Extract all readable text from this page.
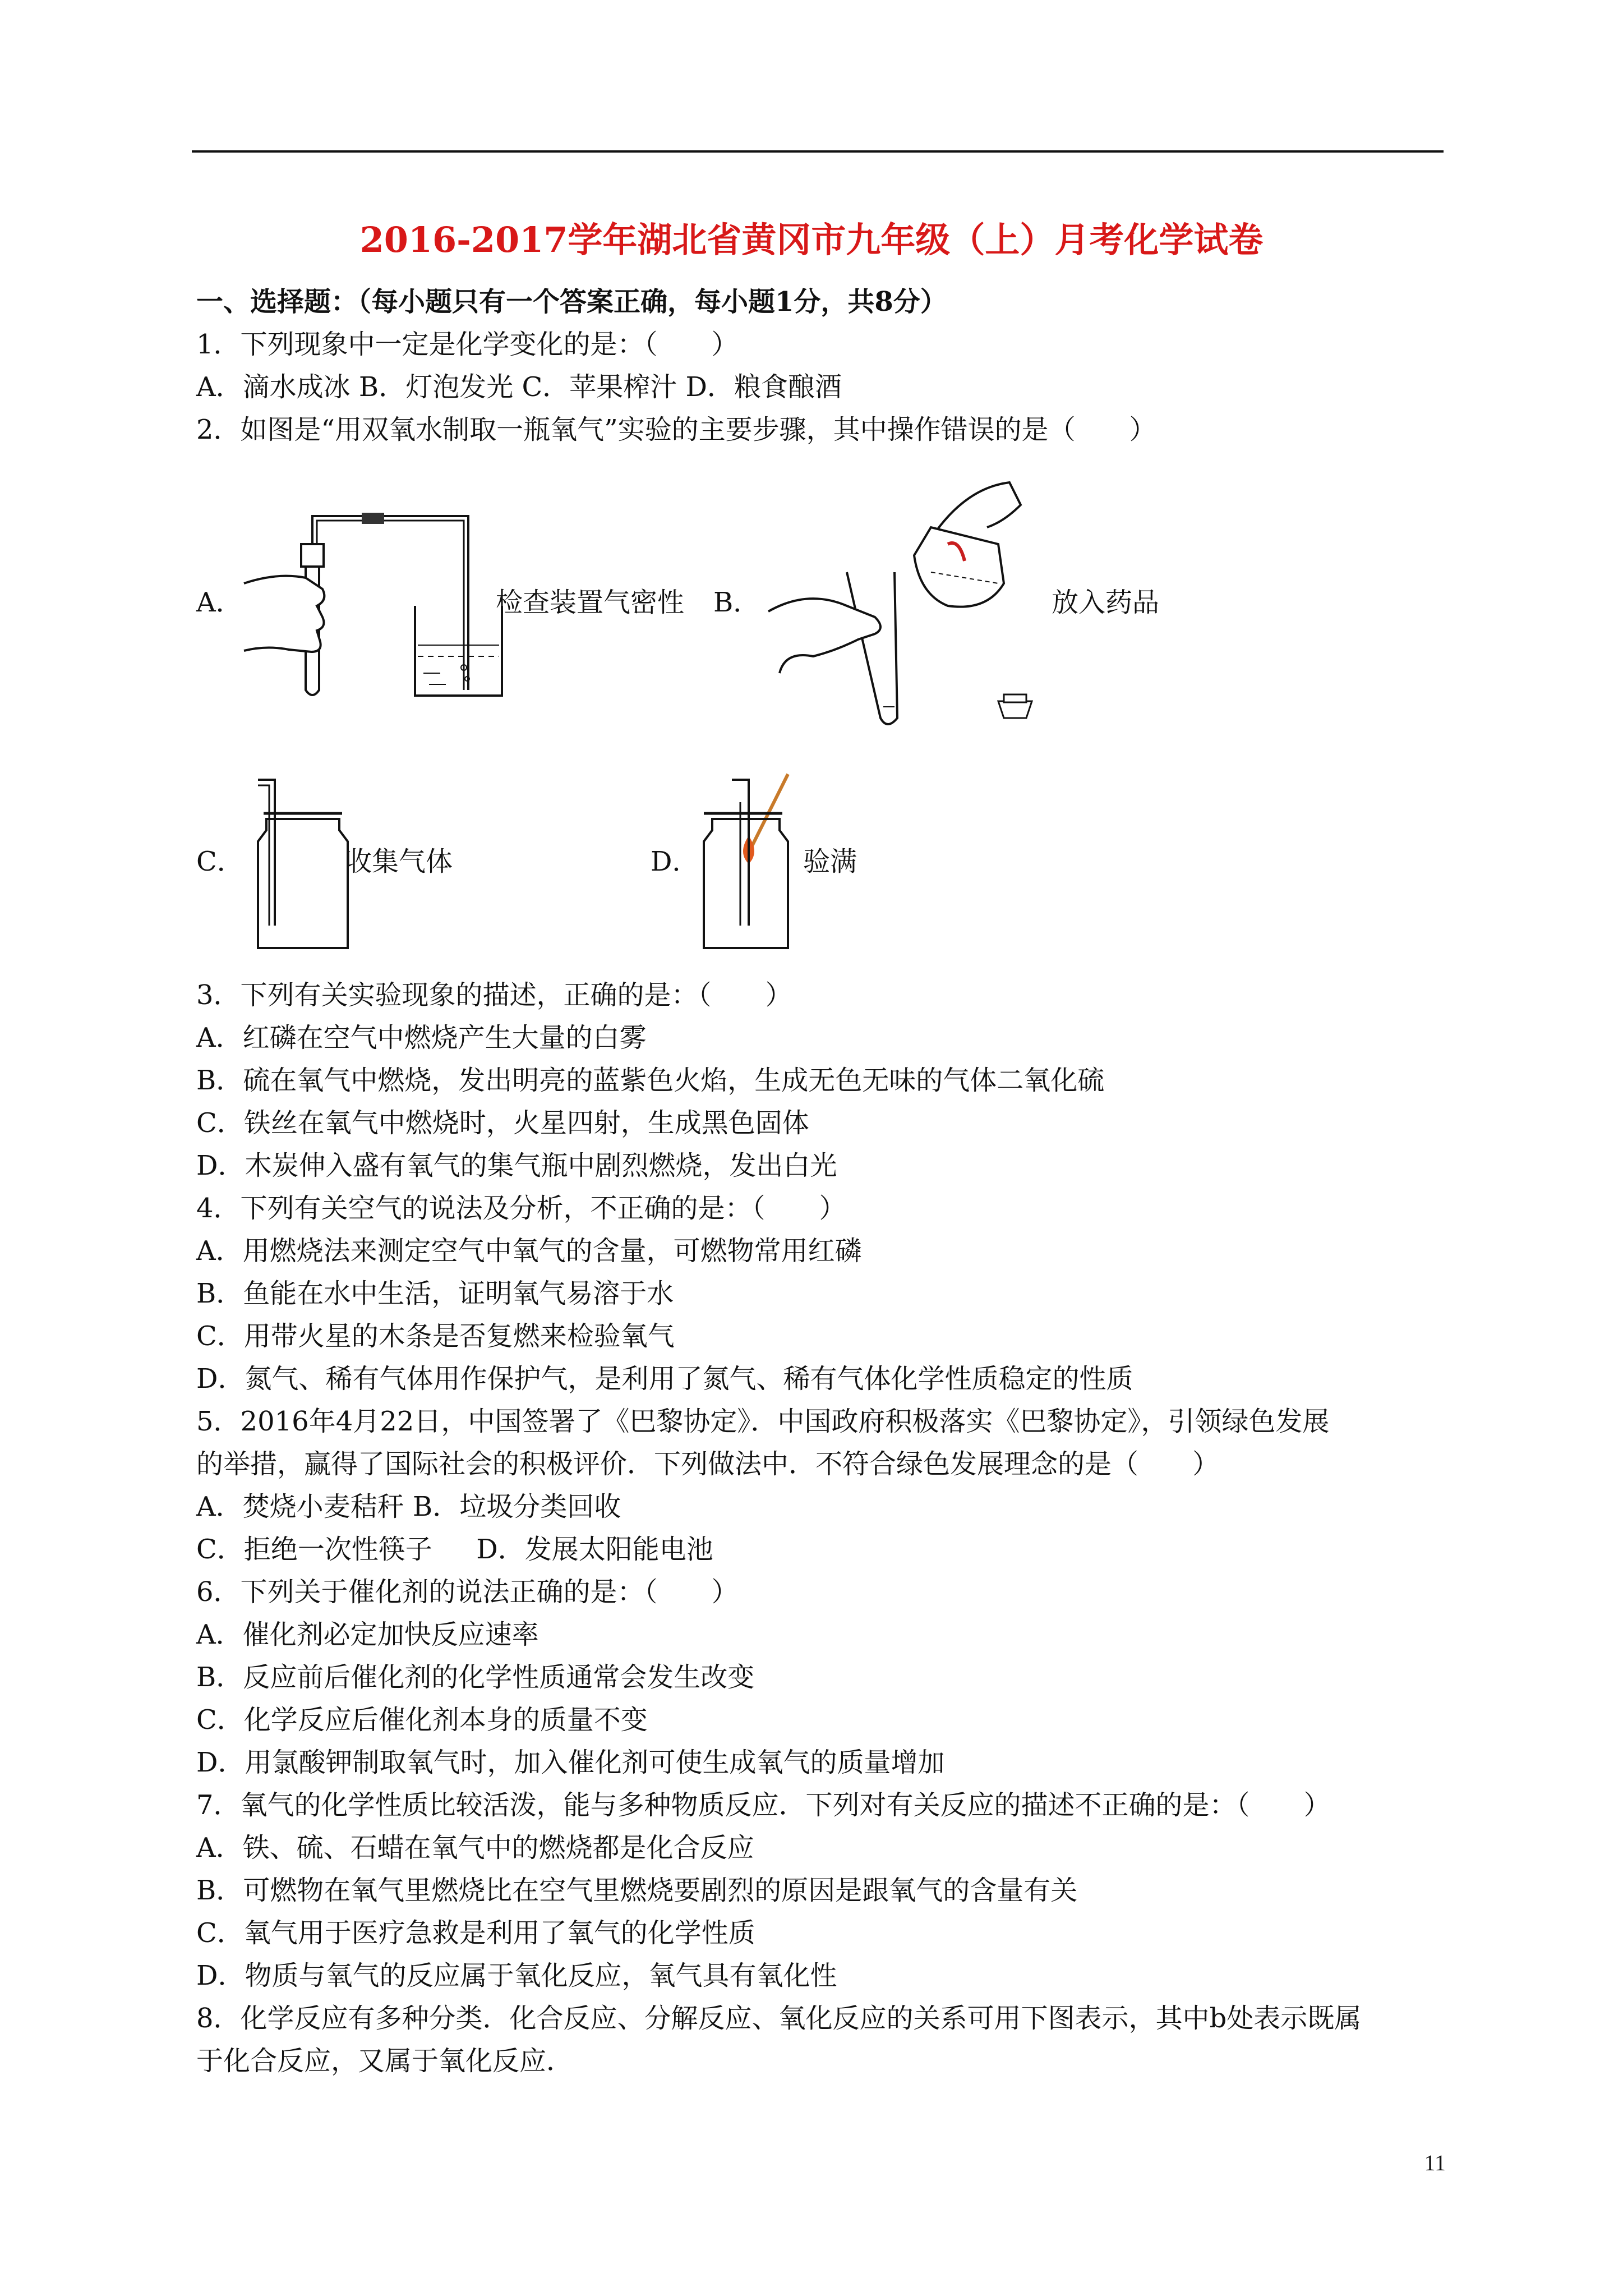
2016-2017学年湖北省黄冈市九年级（上）月考化学试卷
一、选择题：（每小题只有一个答案正确，每小题1分，共8分）
1．下列现象中一定是化学变化的是：（　　）
A．滴水成冰 B．灯泡发光 C．苹果榨汁 D．粮食酿酒
2．如图是“用双氧水制取一瓶氧气”实验的主要步骤，其中操作错误的是（　　）
A．	检查装置气密性 B．	放入药品
C．	收集气体	D．	验满
3．下列有关实验现象的描述，正确的是：（　　）
A．红磷在空气中燃烧产生大量的白雾
B．硫在氧气中燃烧，发出明亮的蓝紫色火焰，生成无色无味的气体二氧化硫
C．铁丝在氧气中燃烧时，火星四射，生成黑色固体
D．木炭伸入盛有氧气的集气瓶中剧烈燃烧，发出白光
4．下列有关空气的说法及分析，不正确的是：（　　）
A．用燃烧法来测定空气中氧气的含量，可燃物常用红磷
B．鱼能在水中生活，证明氧气易溶于水
C．用带火星的木条是否复燃来检验氧气
D．氮气、稀有气体用作保护气，是利用了氮气、稀有气体化学性质稳定的性质
5．2016年4月22日，中国签署了《巴黎协定》．中国政府积极落实《巴黎协定》，引领绿色发展
的举措，赢得了国际社会的积极评价．下列做法中．不符合绿色发展理念的是（　　）
A．焚烧小麦秸秆 B．垃圾分类回收
C．拒绝一次性筷子　  D．发展太阳能电池
6．下列关于催化剂的说法正确的是：（　　）
A．催化剂必定加快反应速率
B．反应前后催化剂的化学性质通常会发生改变
C．化学反应后催化剂本身的质量不变
D．用氯酸钾制取氧气时，加入催化剂可使生成氧气的质量增加
7．氧气的化学性质比较活泼，能与多种物质反应．下列对有关反应的描述不正确的是：（　　）
A．铁、硫、石蜡在氧气中的燃烧都是化合反应
B．可燃物在氧气里燃烧比在空气里燃烧要剧烈的原因是跟氧气的含量有关
C．氧气用于医疗急救是利用了氧气的化学性质
D．物质与氧气的反应属于氧化反应，氧气具有氧化性
8．化学反应有多种分类．化合反应、分解反应、氧化反应的关系可用下图表示，其中b处表示既属
于化合反应，又属于氧化反应．
11
